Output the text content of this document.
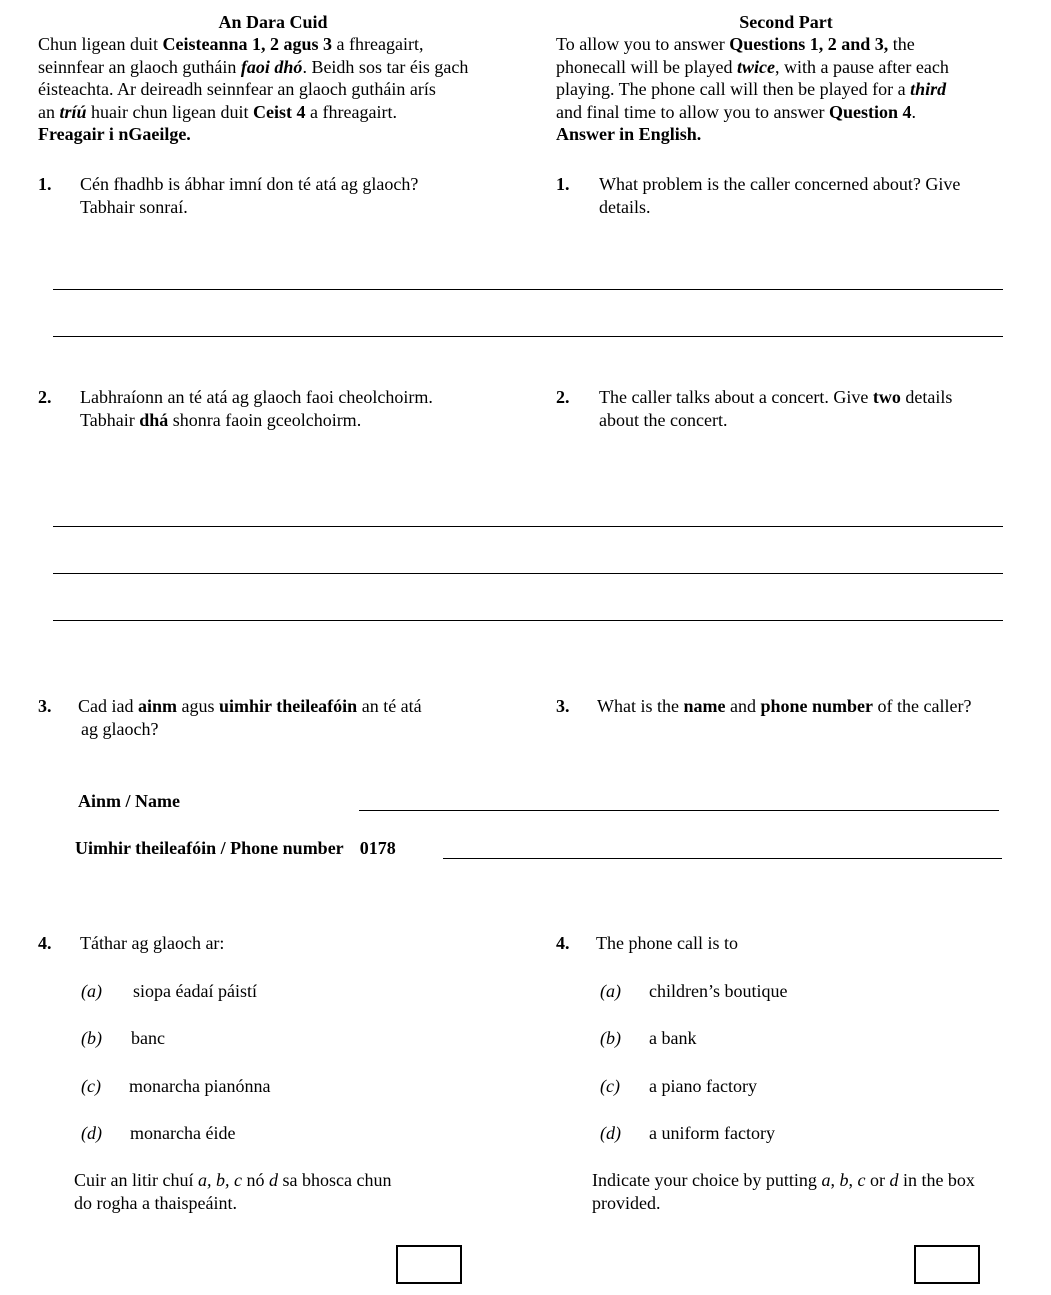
An Dara Cuid
Chun ligean duit Ceisteanna 1, 2 agus 3 a fhreagairt,
seinnfear an glaoch gutháin faoi dhó. Beidh sos tar éis gach
éisteachta. Ar deireadh seinnfear an glaoch gutháin arís
an tríú huair chun ligean duit Ceist 4 a fhreagairt.
Freagair i nGaeilge.
Second Part
To allow you to answer Questions 1, 2 and 3, the
phonecall will be played twice, with a pause after each
playing. The phone call will then be played for a third
and final time to allow you to answer Question 4.
Answer in English.
1. Cén fhadhb is ábhar imní don té atá ag glaoch?
Tabhair sonraí.
1. What problem is the caller concerned about? Give
details.
2. Labhraíonn an té atá ag glaoch faoi cheolchoirm.
Tabhair dhá shonra faoin gceolchoirm.
2. The caller talks about a concert. Give two details
about the concert.
3. Cad iad ainm agus uimhir theileafóin an té atá
ag glaoch?
3. What is the name and phone number of the caller?
Ainm / Name
Uimhir theileafóin / Phone number 0178
4. Táthar ag glaoch ar:	4. The phone call is to
(a) siopa éadaí páistí
(b) banc
(c) monarcha pianónna
(d) monarcha éide
(a) children’s boutique
(b) a bank
(c) a piano factory
(d) a uniform factory
Cuir an litir chuí a, b, c nó d sa bhosca chun
do rogha a thaispeáint.
Indicate your choice by putting a, b, c or d in the box
provided.
